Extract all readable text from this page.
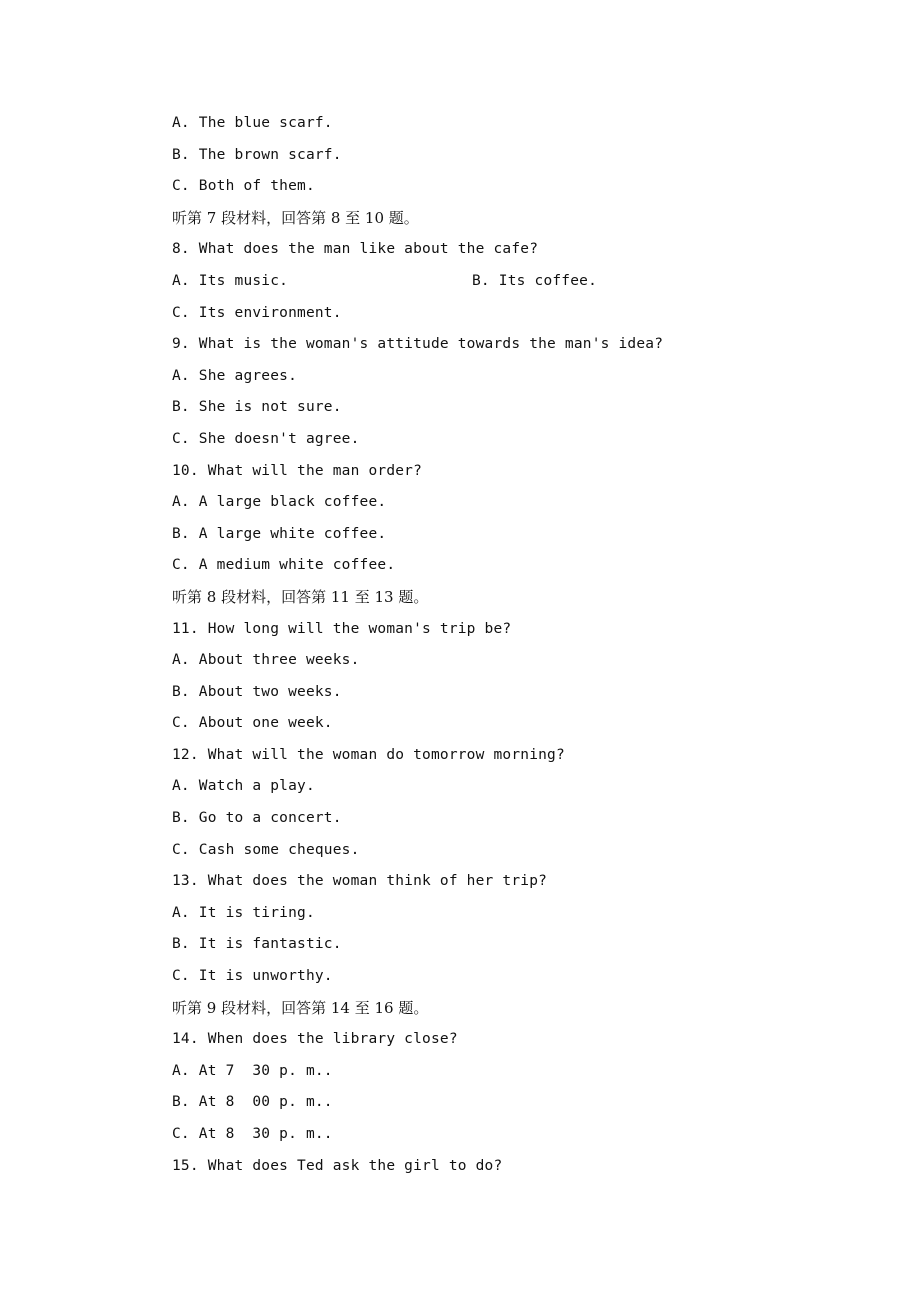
A. The blue scarf.
B. The brown scarf.
C. Both of them.
听第 7 段材料，回答第 8 至 10 题。
8. What does the man like about the cafe?
A. Its music.	B. Its coffee.
C. Its environment.
9. What is the woman's attitude towards the man's idea?
A. She agrees.
B. She is not sure.
C. She doesn't agree.
10. What will the man order?
A. A large black coffee.
B. A large white coffee.
C. A medium white coffee.
听第 8 段材料，回答第 11 至 13 题。
11. How long will the woman's trip be?
A. About three weeks.
B. About two weeks.
C. About one week.
12. What will the woman do tomorrow morning?
A. Watch a play.
B. Go to a concert.
C. Cash some cheques.
13. What does the woman think of her trip?
A. It is tiring.
B. It is fantastic.
C. It is unworthy.
听第 9 段材料，回答第 14 至 16 题。
14. When does the library close?
A. At 7  30 p. m..
B. At 8  00 p. m..
C. At 8  30 p. m..
15. What does Ted ask the girl to do?
